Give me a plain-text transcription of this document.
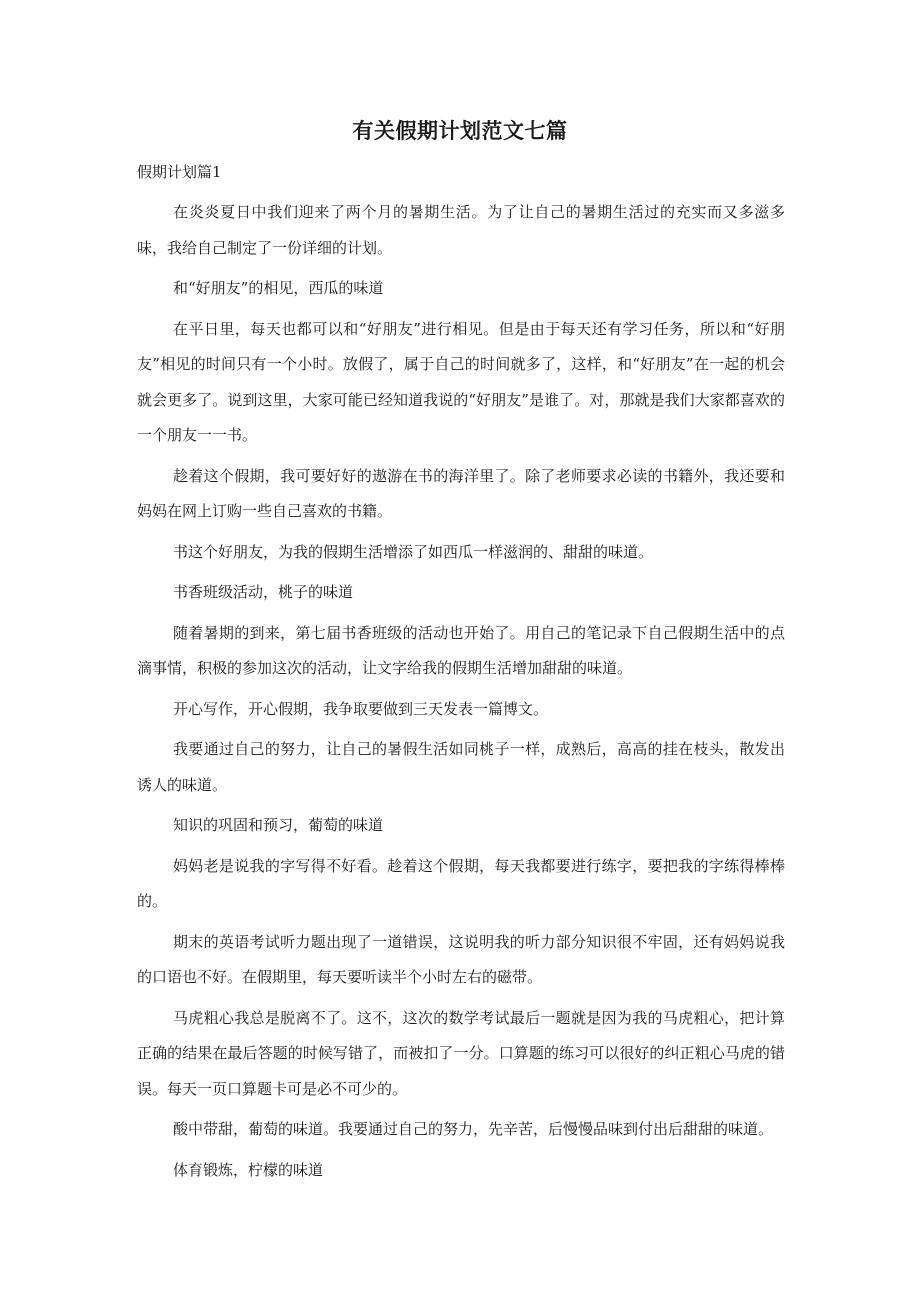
有关假期计划范文七篇

假期计划篇1

在炎炎夏日中我们迎来了两个月的暑期生活。为了让自己的暑期生活过的充实而又多滋多味，我给自己制定了一份详细的计划。

和“好朋友”的相见，西瓜的味道

在平日里，每天也都可以和“好朋友”进行相见。但是由于每天还有学习任务，所以和“好朋友”相见的时间只有一个小时。放假了，属于自己的时间就多了，这样，和“好朋友”在一起的机会就会更多了。说到这里，大家可能已经知道我说的“好朋友”是谁了。对，那就是我们大家都喜欢的一个朋友一一书。

趁着这个假期，我可要好好的遨游在书的海洋里了。除了老师要求必读的书籍外，我还要和妈妈在网上订购一些自己喜欢的书籍。

书这个好朋友，为我的假期生活增添了如西瓜一样滋润的、甜甜的味道。

书香班级活动，桃子的味道

随着暑期的到来，第七届书香班级的活动也开始了。用自己的笔记录下自己假期生活中的点滴事情，积极的参加这次的活动，让文字给我的假期生活增加甜甜的味道。

开心写作，开心假期，我争取要做到三天发表一篇博文。

我要通过自己的努力，让自己的暑假生活如同桃子一样，成熟后，高高的挂在枝头，散发出诱人的味道。

知识的巩固和预习，葡萄的味道

妈妈老是说我的字写得不好看。趁着这个假期，每天我都要进行练字，要把我的字练得棒棒的。

期末的英语考试听力题出现了一道错误，这说明我的听力部分知识很不牢固，还有妈妈说我的口语也不好。在假期里，每天要听读半个小时左右的磁带。

马虎粗心我总是脱离不了。这不，这次的数学考试最后一题就是因为我的马虎粗心，把计算正确的结果在最后答题的时候写错了，而被扣了一分。口算题的练习可以很好的纠正粗心马虎的错误。每天一页口算题卡可是必不可少的。

酸中带甜，葡萄的味道。我要通过自己的努力，先辛苦，后慢慢品味到付出后甜甜的味道。

体育锻炼，柠檬的味道
